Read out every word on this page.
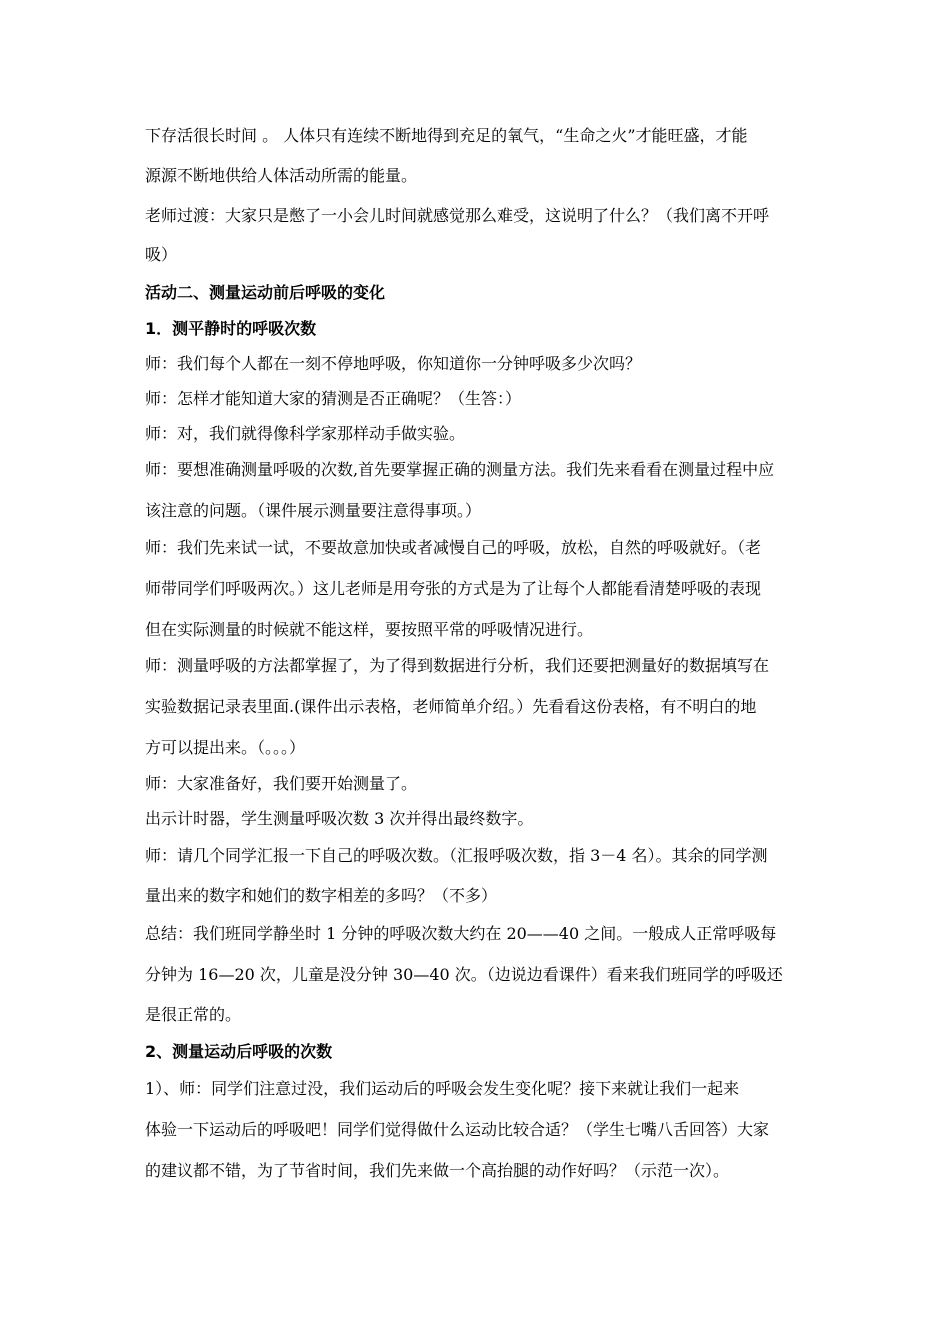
下存活很长时间 。 人体只有连续不断地得到充足的氧气，“生命之火”才能旺盛，才能
源源不断地供给人体活动所需的能量。
老师过渡：大家只是憋了一小会儿时间就感觉那么难受，这说明了什么？（我们离不开呼
吸）
活动二、测量运动前后呼吸的变化
1．测平静时的呼吸次数
师：我们每个人都在一刻不停地呼吸，你知道你一分钟呼吸多少次吗？
师：怎样才能知道大家的猜测是否正确呢？（生答：）
师：对，我们就得像科学家那样动手做实验。
师：要想准确测量呼吸的次数,首先要掌握正确的测量方法。我们先来看看在测量过程中应
该注意的问题。（课件展示测量要注意得事项。）
师：我们先来试一试，不要故意加快或者减慢自己的呼吸，放松，自然的呼吸就好。（老
师带同学们呼吸两次。）这儿老师是用夸张的方式是为了让每个人都能看清楚呼吸的表现
但在实际测量的时候就不能这样，要按照平常的呼吸情况进行。
师：测量呼吸的方法都掌握了，为了得到数据进行分析，我们还要把测量好的数据填写在
实验数据记录表里面.(课件出示表格，老师简单介绍。）先看看这份表格，有不明白的地
方可以提出来。（。。。）
师：大家准备好，我们要开始测量了。
出示计时器，学生测量呼吸次数 3 次并得出最终数字。
师：请几个同学汇报一下自己的呼吸次数。（汇报呼吸次数，指 3－4 名）。其余的同学测
量出来的数字和她们的数字相差的多吗？（不多）
总结：我们班同学静坐时 1 分钟的呼吸次数大约在 20——40 之间。一般成人正常呼吸每
分钟为 16—20 次，儿童是没分钟 30—40 次。（边说边看课件）看来我们班同学的呼吸还
是很正常的。
2、测量运动后呼吸的次数
1）、师：同学们注意过没，我们运动后的呼吸会发生变化呢？接下来就让我们一起来
体验一下运动后的呼吸吧！同学们觉得做什么运动比较合适？（学生七嘴八舌回答）大家
的建议都不错，为了节省时间，我们先来做一个高抬腿的动作好吗？（示范一次）。
